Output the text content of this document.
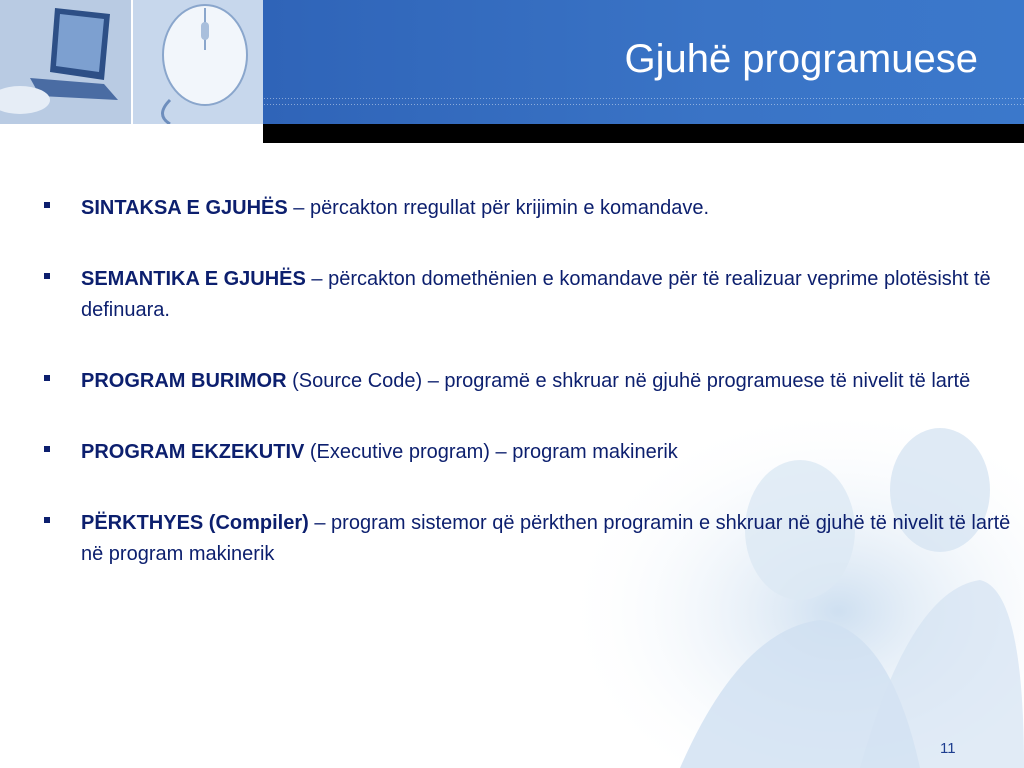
Gjuhë programuese
SINTAKSA E GJUHËS – përcakton rregullat për krijimin e komandave.
SEMANTIKA E GJUHËS – përcakton domethënien e komandave për të realizuar veprime plotësisht të definuara.
PROGRAM BURIMOR (Source Code) – programë e shkruar në gjuhë programuese të nivelit të lartë
PROGRAM EKZEKUTIV (Executive program) – program makinerik
PËRKTHYES (Compiler) – program sistemor që përkthen programin e shkruar në gjuhë të nivelit të lartë në program makinerik
11
